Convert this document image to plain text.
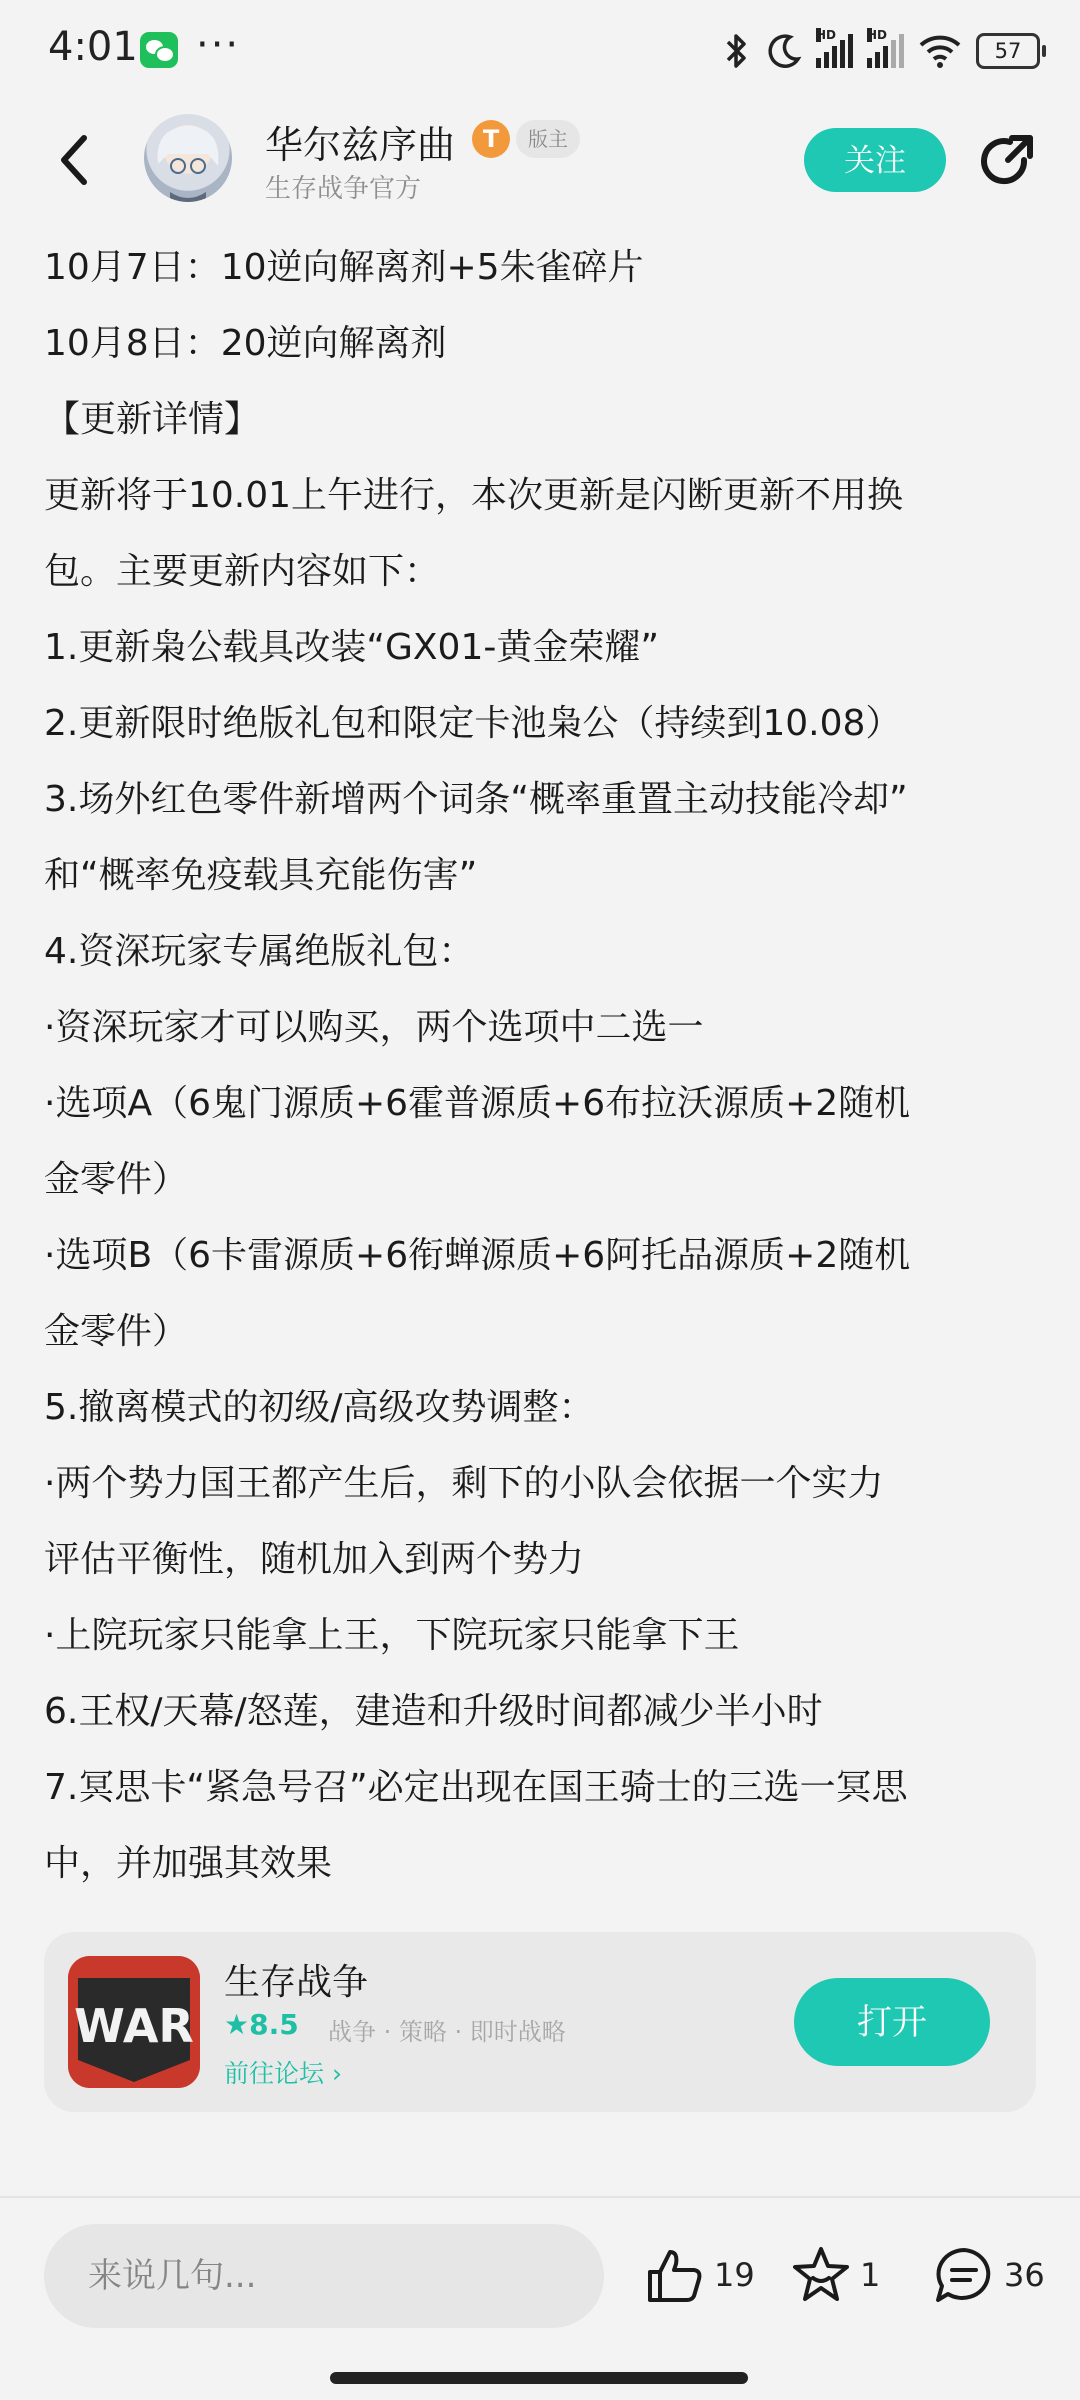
4:01 ···	HD	HD
57
华尔兹序曲	T	版主
生存战争官方
关注

10月7日：10逆向解离剂+5朱雀碎片

10月8日：20逆向解离剂

【更新详情】

更新将于10.01上午进行，本次更新是闪断更新不用换

包。主要更新内容如下：

1.更新枭公载具改装“GX01-黄金荣耀”

2.更新限时绝版礼包和限定卡池枭公（持续到10.08）

3.场外红色零件新增两个词条“概率重置主动技能冷却”

和“概率免疫载具充能伤害”

4.资深玩家专属绝版礼包：

·资深玩家才可以购买，两个选项中二选一

·选项A（6鬼门源质+6霍普源质+6布拉沃源质+2随机

金零件）

·选项B（6卡雷源质+6衔蝉源质+6阿托品源质+2随机

金零件）

5.撤离模式的初级/高级攻势调整：

·两个势力国王都产生后，剩下的小队会依据一个实力

评估平衡性，随机加入到两个势力

·上院玩家只能拿上王，下院玩家只能拿下王

6.王权/天幕/怒莲，建造和升级时间都减少半小时

7.冥思卡“紧急号召”必定出现在国王骑士的三选一冥思

中，并加强其效果

WAR
生存战争
★8.5 战争 · 策略 · 即时战略
前往论坛 ›
打开
来说几句...
19	1	36
